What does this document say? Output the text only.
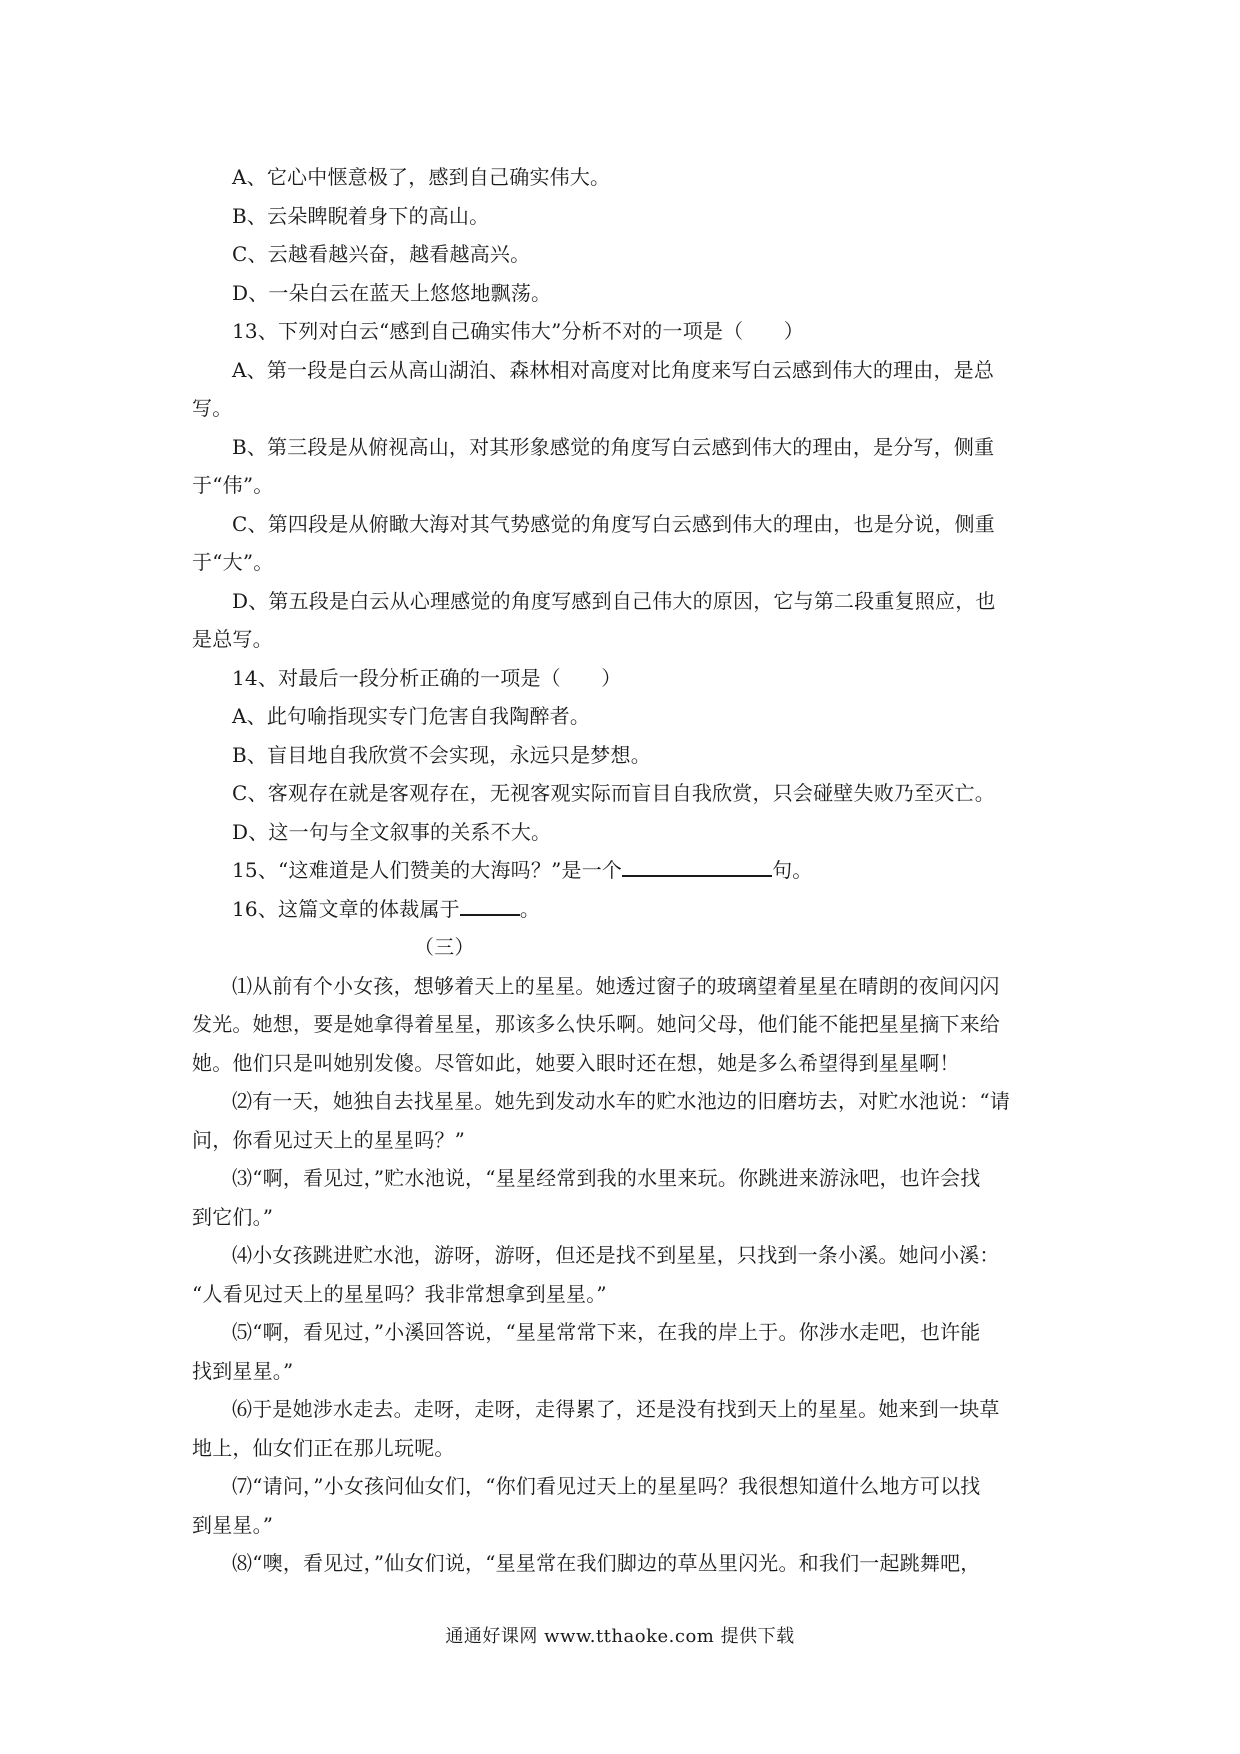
A、它心中惬意极了，感到自己确实伟大。
B、云朵睥睨着身下的高山。
C、云越看越兴奋，越看越高兴。
D、一朵白云在蓝天上悠悠地飘荡。
13、下列对白云“感到自己确实伟大”分析不对的一项是（　　）
A、第一段是白云从高山湖泊、森林相对高度对比角度来写白云感到伟大的理由，是总
写。
B、第三段是从俯视高山，对其形象感觉的角度写白云感到伟大的理由，是分写，侧重
于“伟”。
C、第四段是从俯瞰大海对其气势感觉的角度写白云感到伟大的理由，也是分说，侧重
于“大”。
D、第五段是白云从心理感觉的角度写感到自己伟大的原因，它与第二段重复照应，也
是总写。
14、对最后一段分析正确的一项是（　　）
A、此句喻指现实专门危害自我陶醉者。
B、盲目地自我欣赏不会实现，永远只是梦想。
C、客观存在就是客观存在，无视客观实际而盲目自我欣赏，只会碰壁失败乃至灭亡。
D、这一句与全文叙事的关系不大。
15、“这难道是人们赞美的大海吗？”是一个	句。
16、这篇文章的体裁属于	。
（三）
⑴从前有个小女孩，想够着天上的星星。她透过窗子的玻璃望着星星在晴朗的夜间闪闪
发光。她想，要是她拿得着星星，那该多么快乐啊。她问父母，他们能不能把星星摘下来给
她。他们只是叫她别发傻。尽管如此，她要入眼时还在想，她是多么希望得到星星啊！
⑵有一天，她独自去找星星。她先到发动水车的贮水池边的旧磨坊去，对贮水池说：“请
问，你看见过天上的星星吗？”
⑶“啊，看见过，”贮水池说，“星星经常到我的水里来玩。你跳进来游泳吧，也许会找
到它们。”
⑷小女孩跳进贮水池，游呀，游呀，但还是找不到星星，只找到一条小溪。她问小溪：
“人看见过天上的星星吗？我非常想拿到星星。”
⑸“啊，看见过，”小溪回答说，“星星常常下来，在我的岸上于。你涉水走吧，也许能
找到星星。”
⑹于是她涉水走去。走呀，走呀，走得累了，还是没有找到天上的星星。她来到一块草
地上，仙女们正在那儿玩呢。
⑺“请问，”小女孩问仙女们，“你们看见过天上的星星吗？我很想知道什么地方可以找
到星星。”
⑻“噢，看见过，”仙女们说，“星星常在我们脚边的草丛里闪光。和我们一起跳舞吧，
通通好课网 www.tthaoke.com 提供下载
